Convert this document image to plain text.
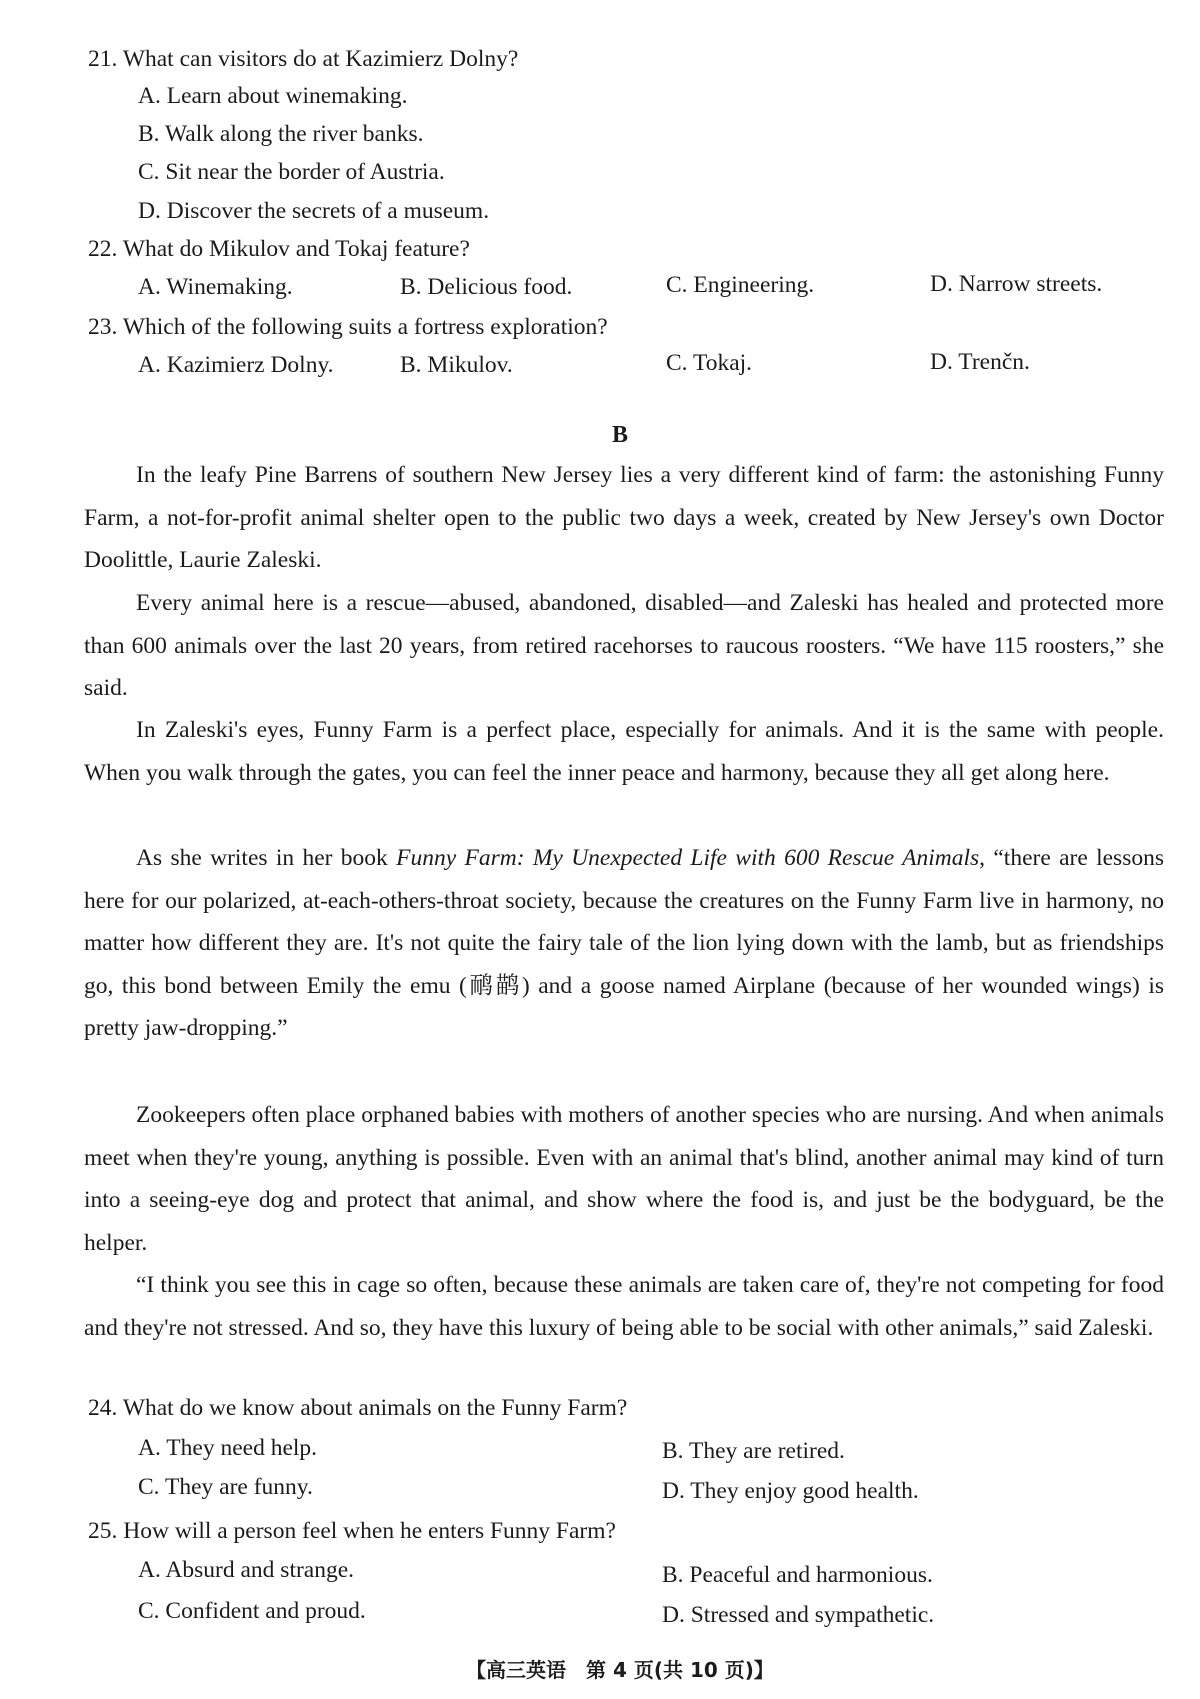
21. What can visitors do at Kazimierz Dolny?
A. Learn about winemaking.
B. Walk along the river banks.
C. Sit near the border of Austria.
D. Discover the secrets of a museum.
22. What do Mikulov and Tokaj feature?
A. Winemaking.	B. Delicious food.	C. Engineering.	D. Narrow streets.
23. Which of the following suits a fortress exploration?
A. Kazimierz Dolny.	B. Mikulov.	C. Tokaj.	D. Trenčn.
B
In the leafy Pine Barrens of southern New Jersey lies a very different kind of farm: the astonishing Funny Farm, a not-for-profit animal shelter open to the public two days a week, created by New Jersey's own Doctor Doolittle, Laurie Zaleski.
Every animal here is a rescue—abused, abandoned, disabled—and Zaleski has healed and protected more than 600 animals over the last 20 years, from retired racehorses to raucous roosters. “We have 115 roosters,” she said.
In Zaleski's eyes, Funny Farm is a perfect place, especially for animals. And it is the same with people. When you walk through the gates, you can feel the inner peace and harmony, because they all get along here.
As she writes in her book Funny Farm: My Unexpected Life with 600 Rescue Animals, “there are lessons here for our polarized, at-each-others-throat society, because the creatures on the Funny Farm live in harmony, no matter how different they are. It's not quite the fairy tale of the lion lying down with the lamb, but as friendships go, this bond between Emily the emu (鸸鹋) and a goose named Airplane (because of her wounded wings) is pretty jaw-dropping.”
Zookeepers often place orphaned babies with mothers of another species who are nursing. And when animals meet when they're young, anything is possible. Even with an animal that's blind, another animal may kind of turn into a seeing-eye dog and protect that animal, and show where the food is, and just be the bodyguard, be the helper.
“I think you see this in cage so often, because these animals are taken care of, they're not competing for food and they're not stressed. And so, they have this luxury of being able to be social with other animals,” said Zaleski.
24. What do we know about animals on the Funny Farm?
A. They need help.	B. They are retired.
C. They are funny.	D. They enjoy good health.
25. How will a person feel when he enters Funny Farm?
A. Absurd and strange.	B. Peaceful and harmonious.
C. Confident and proud.	D. Stressed and sympathetic.
【高三英语　第 4 页(共 10 页)】
